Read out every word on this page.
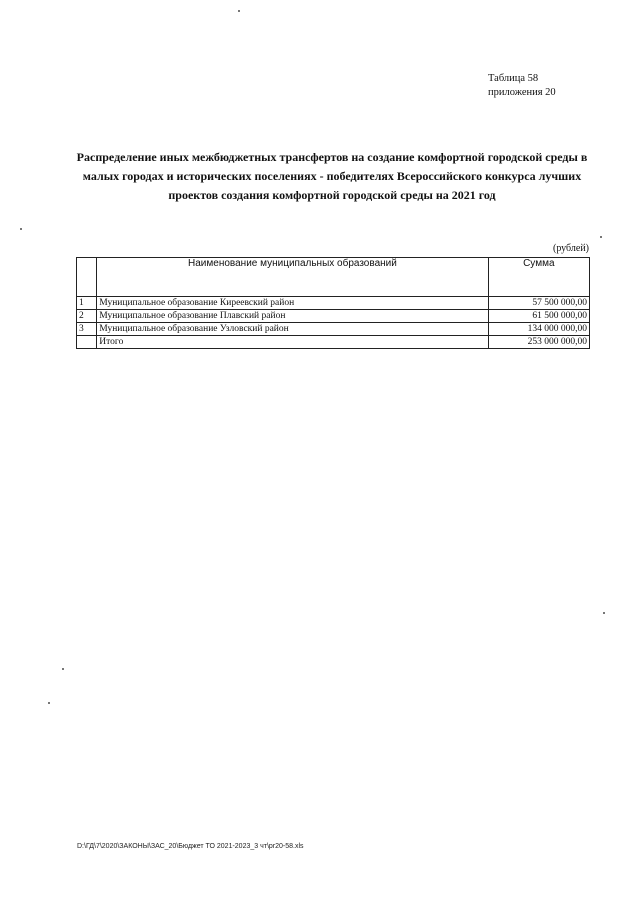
Таблица 58
приложения 20
Распределение иных межбюджетных трансфертов на создание комфортной городской среды в малых городах и исторических поселениях - победителях Всероссийского конкурса лучших проектов создания комфортной городской среды на 2021 год
(рублей)
	Наименование муниципальных образований	Сумма
1	Муниципальное образование Киреевский район	57 500 000,00
2	Муниципальное образование Плавский район	61 500 000,00
3	Муниципальное образование Узловский район	134 000 000,00
	Итого	253 000 000,00
D:\ГД\7\2020\ЗАКОНЫ\ЗАС_20\Бюджет ТО 2021-2023_3 чт\pr20-58.xls
